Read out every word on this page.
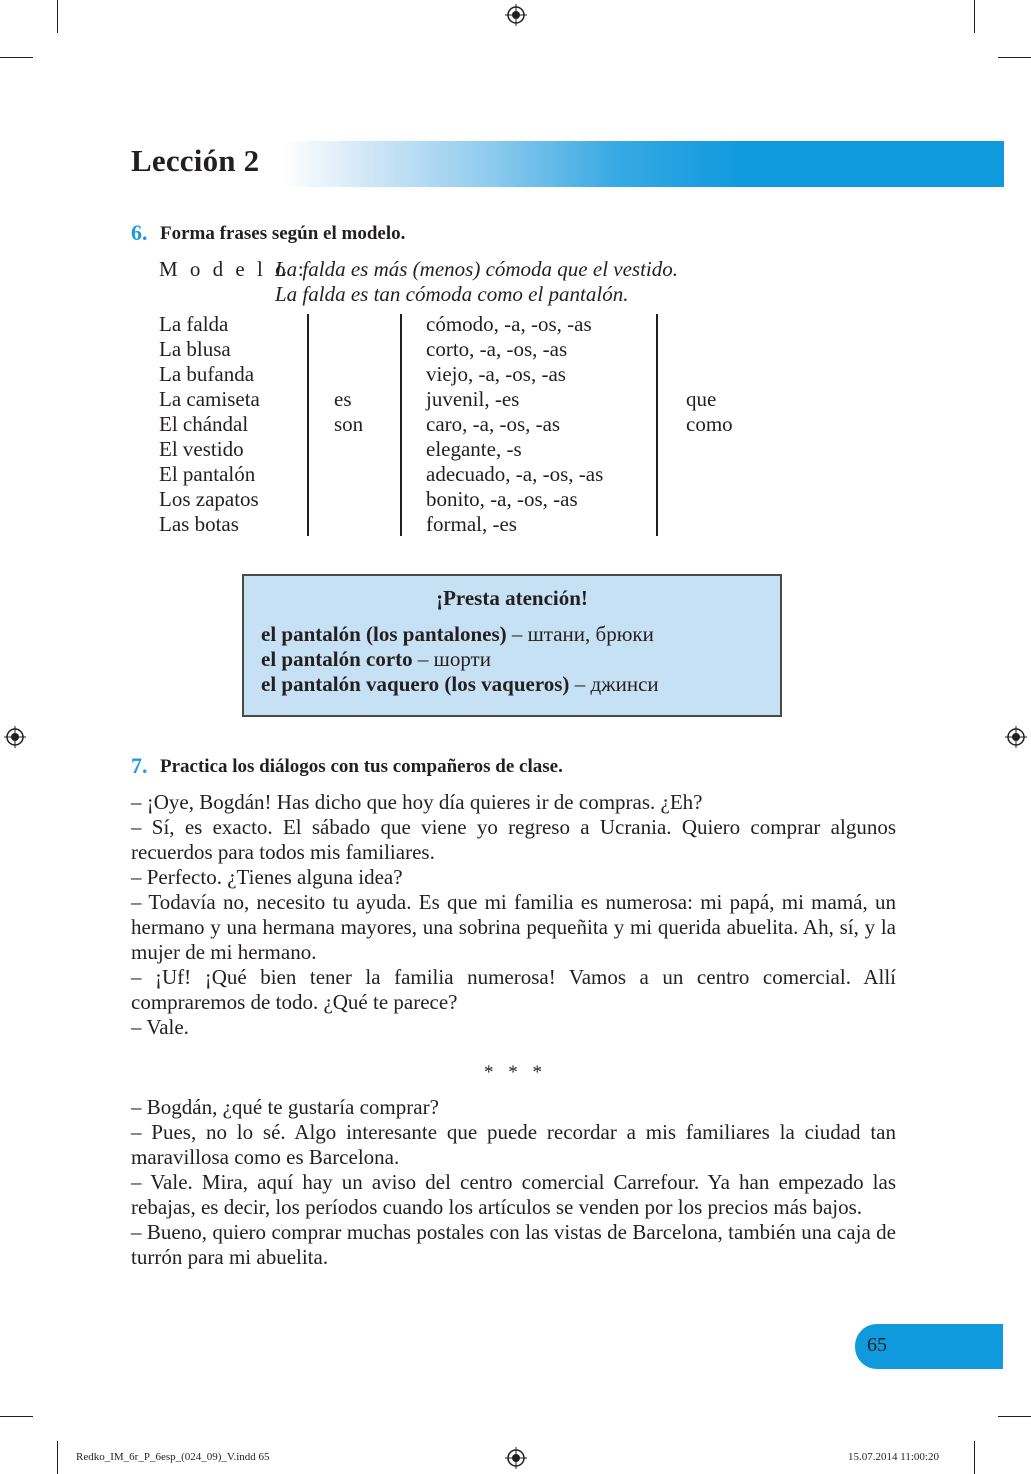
Lección 2
6. Forma frases según el modelo.
M o d e l o :
La falda es más (menos) cómoda que el vestido.
La falda es tan cómoda como el pantalón.
La falda
La blusa
La bufanda
La camiseta
El chándal
El vestido
El pantalón
Los zapatos
Las botas
es
son
cómodo, -a, -os, -as
corto, -a, -os, -as
viejo, -a, -os, -as
juvenil, -es
caro, -a, -os, -as
elegante, -s
adecuado, -a, -os, -as
bonito, -a, -os, -as
formal, -es
que
como
¡Presta atención!
el pantalón (los pantalones) – штани, брюки
el pantalón corto – шорти
el pantalón vaquero (los vaqueros) – джинси
7. Practica los diálogos con tus compañeros de clase.

– ¡Oye, Bogdán! Has dicho que hoy día quieres ir de compras. ¿Eh?

– Sí, es exacto. El sábado que viene yo regreso a Ucrania. Quiero comprar algunos recuerdos para todos mis familiares.

– Perfecto. ¿Tienes alguna idea?

– Todavía no, necesito tu ayuda. Es que mi familia es numerosa: mi papá, mi mamá, un hermano y una hermana mayores, una sobrina pequeñita y mi querida abuelita. Ah, sí, y la mujer de mi hermano.

– ¡Uf! ¡Qué bien tener la familia numerosa! Vamos a un centro comercial. Allí compraremos de todo. ¿Qué te parece?

– Vale.

* * *

– Bogdán, ¿qué te gustaría comprar?

– Pues, no lo sé. Algo interesante que puede recordar a mis familiares la ciudad tan maravillosa como es Barcelona.

– Vale. Mira, aquí hay un aviso del centro comercial Carrefour. Ya han empezado las rebajas, es decir, los períodos cuando los artículos se venden por los precios más bajos.

– Bueno, quiero comprar muchas postales con las vistas de Barcelona, también una caja de turrón para mi abuelita.

65
Redko_IM_6r_P_6esp_(024_09)_V.indd 65	15.07.2014 11:00:20
